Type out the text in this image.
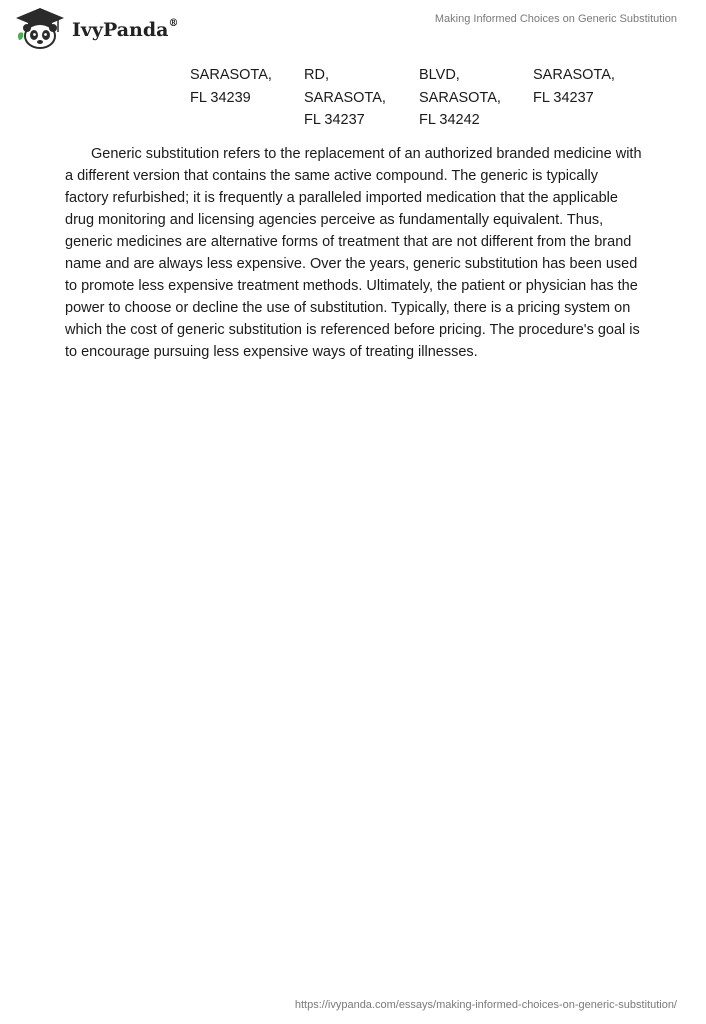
IvyPanda®	Making Informed Choices on Generic Substitution
SARASOTA,
FL 34239
RD,
SARASOTA,
FL 34237
BLVD,
SARASOTA,
FL 34242
SARASOTA,
FL 34237

Generic substitution refers to the replacement of an authorized branded medicine with a different version that contains the same active compound. The generic is typically factory refurbished; it is frequently a paralleled imported medication that the applicable drug monitoring and licensing agencies perceive as fundamentally equivalent. Thus, generic medicines are alternative forms of treatment that are not different from the brand name and are always less expensive. Over the years, generic substitution has been used to promote less expensive treatment methods. Ultimately, the patient or physician has the power to choose or decline the use of substitution. Typically, there is a pricing system on which the cost of generic substitution is referenced before pricing. The procedure's goal is to encourage pursuing less expensive ways of treating illnesses.

https://ivypanda.com/essays/making-informed-choices-on-generic-substitution/
